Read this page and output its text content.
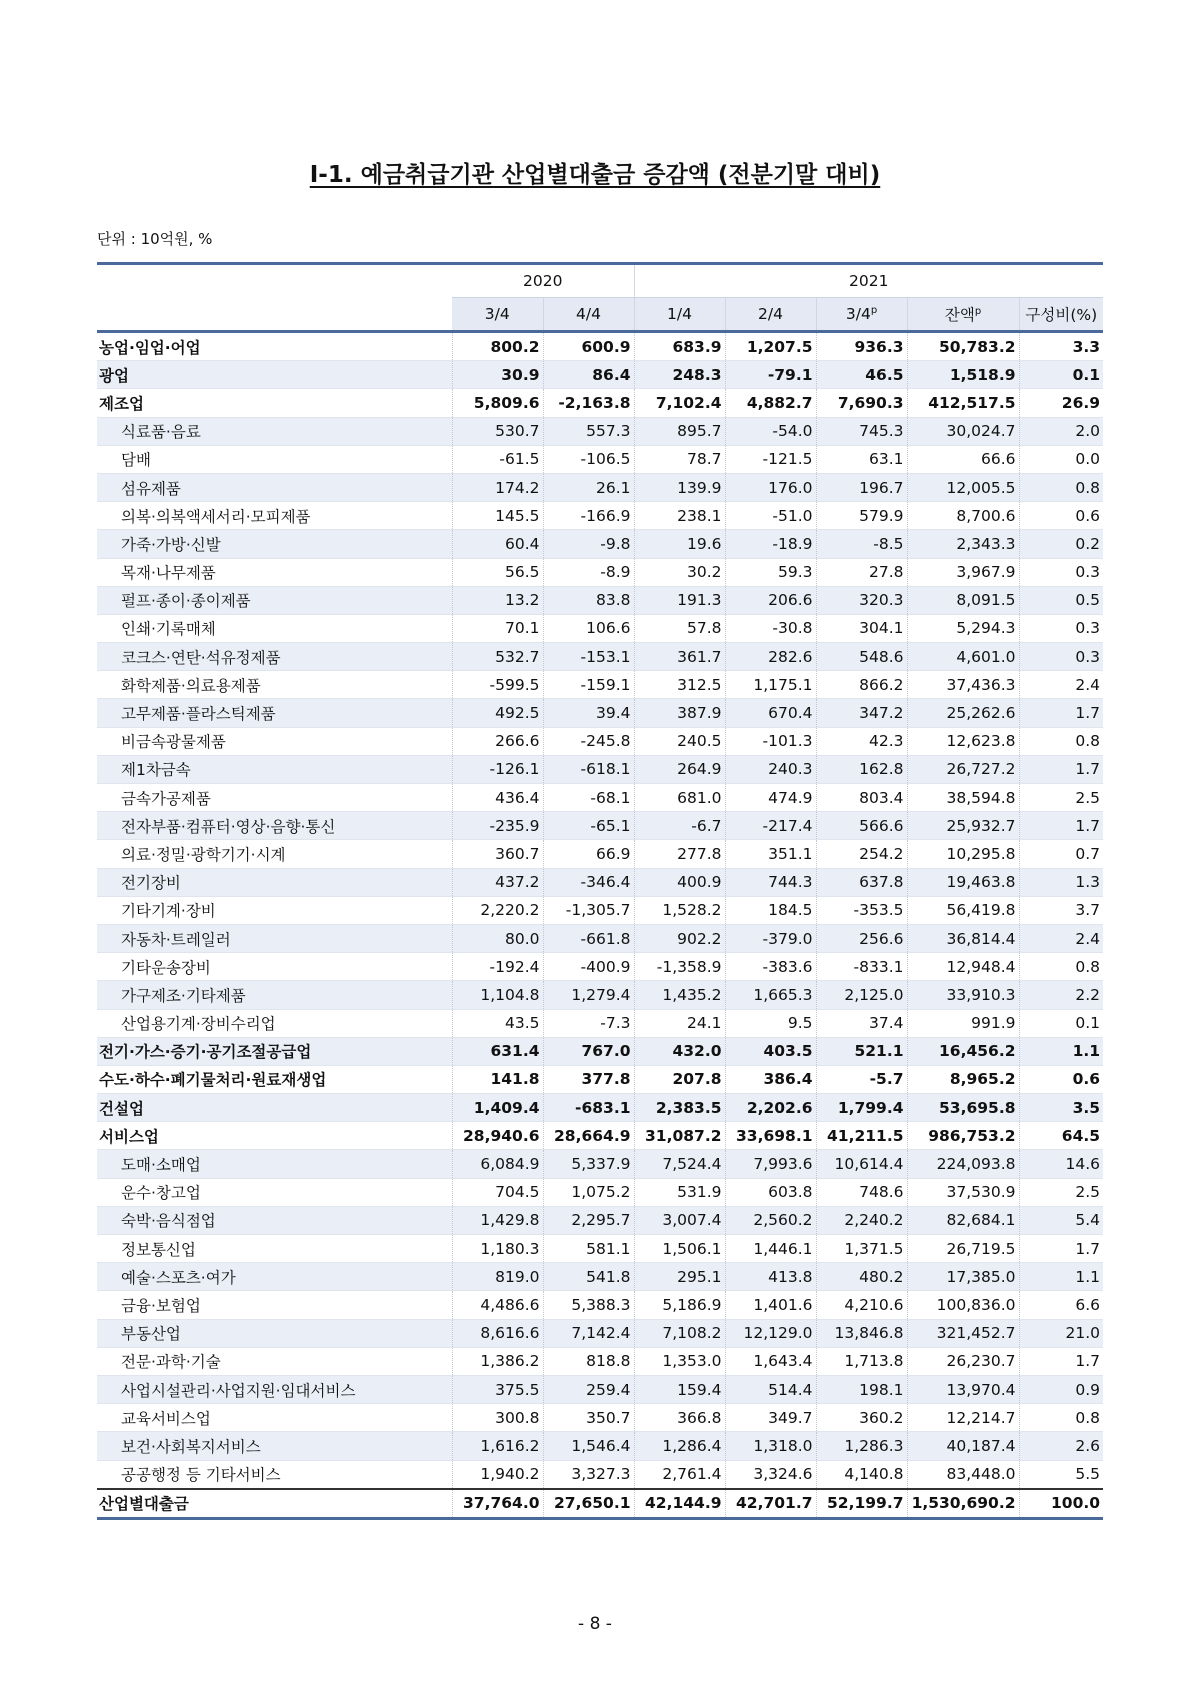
Ⅰ-1. 예금취급기관 산업별대출금 증감액 (전분기말 대비)
단위 : 10억원, %
	2020		2021				
	3/4	4/4	1/4	2/4	3/4$^p$	잔액$^p$	구성비(%)
농업·임업·어업	800.2	600.9	683.9	1,207.5	936.3	50,783.2	3.3
광업	30.9	86.4	248.3	-79.1	46.5	1,518.9	0.1
제조업	5,809.6	-2,163.8	7,102.4	4,882.7	7,690.3	412,517.5	26.9
식료품·음료	530.7	557.3	895.7	-54.0	745.3	30,024.7	2.0
담배	-61.5	-106.5	78.7	-121.5	63.1	66.6	0.0
섬유제품	174.2	26.1	139.9	176.0	196.7	12,005.5	0.8
의복·의복액세서리·모피제품	145.5	-166.9	238.1	-51.0	579.9	8,700.6	0.6
가죽·가방·신발	60.4	-9.8	19.6	-18.9	-8.5	2,343.3	0.2
목재·나무제품	56.5	-8.9	30.2	59.3	27.8	3,967.9	0.3
펄프·종이·종이제품	13.2	83.8	191.3	206.6	320.3	8,091.5	0.5
인쇄·기록매체	70.1	106.6	57.8	-30.8	304.1	5,294.3	0.3
코크스·연탄·석유정제품	532.7	-153.1	361.7	282.6	548.6	4,601.0	0.3
화학제품·의료용제품	-599.5	-159.1	312.5	1,175.1	866.2	37,436.3	2.4
고무제품·플라스틱제품	492.5	39.4	387.9	670.4	347.2	25,262.6	1.7
비금속광물제품	266.6	-245.8	240.5	-101.3	42.3	12,623.8	0.8
제1차금속	-126.1	-618.1	264.9	240.3	162.8	26,727.2	1.7
금속가공제품	436.4	-68.1	681.0	474.9	803.4	38,594.8	2.5
전자부품·컴퓨터·영상·음향·통신	-235.9	-65.1	-6.7	-217.4	566.6	25,932.7	1.7
의료·정밀·광학기기·시계	360.7	66.9	277.8	351.1	254.2	10,295.8	0.7
전기장비	437.2	-346.4	400.9	744.3	637.8	19,463.8	1.3
기타기계·장비	2,220.2	-1,305.7	1,528.2	184.5	-353.5	56,419.8	3.7
자동차·트레일러	80.0	-661.8	902.2	-379.0	256.6	36,814.4	2.4
기타운송장비	-192.4	-400.9	-1,358.9	-383.6	-833.1	12,948.4	0.8
가구제조·기타제품	1,104.8	1,279.4	1,435.2	1,665.3	2,125.0	33,910.3	2.2
산업용기계·장비수리업	43.5	-7.3	24.1	9.5	37.4	991.9	0.1
전기·가스·증기·공기조절공급업	631.4	767.0	432.0	403.5	521.1	16,456.2	1.1
수도·하수·폐기물처리·원료재생업	141.8	377.8	207.8	386.4	-5.7	8,965.2	0.6
건설업	1,409.4	-683.1	2,383.5	2,202.6	1,799.4	53,695.8	3.5
서비스업	28,940.6	28,664.9	31,087.2	33,698.1	41,211.5	986,753.2	64.5
도매·소매업	6,084.9	5,337.9	7,524.4	7,993.6	10,614.4	224,093.8	14.6
운수·창고업	704.5	1,075.2	531.9	603.8	748.6	37,530.9	2.5
숙박·음식점업	1,429.8	2,295.7	3,007.4	2,560.2	2,240.2	82,684.1	5.4
정보통신업	1,180.3	581.1	1,506.1	1,446.1	1,371.5	26,719.5	1.7
예술·스포츠·여가	819.0	541.8	295.1	413.8	480.2	17,385.0	1.1
금융·보험업	4,486.6	5,388.3	5,186.9	1,401.6	4,210.6	100,836.0	6.6
부동산업	8,616.6	7,142.4	7,108.2	12,129.0	13,846.8	321,452.7	21.0
전문·과학·기술	1,386.2	818.8	1,353.0	1,643.4	1,713.8	26,230.7	1.7
사업시설관리·사업지원·임대서비스	375.5	259.4	159.4	514.4	198.1	13,970.4	0.9
교육서비스업	300.8	350.7	366.8	349.7	360.2	12,214.7	0.8
보건·사회복지서비스	1,616.2	1,546.4	1,286.4	1,318.0	1,286.3	40,187.4	2.6
공공행정 등 기타서비스	1,940.2	3,327.3	2,761.4	3,324.6	4,140.8	83,448.0	5.5
산업별대출금	37,764.0	27,650.1	42,144.9	42,701.7	52,199.7	1,530,690.2	100.0
- 8 -
